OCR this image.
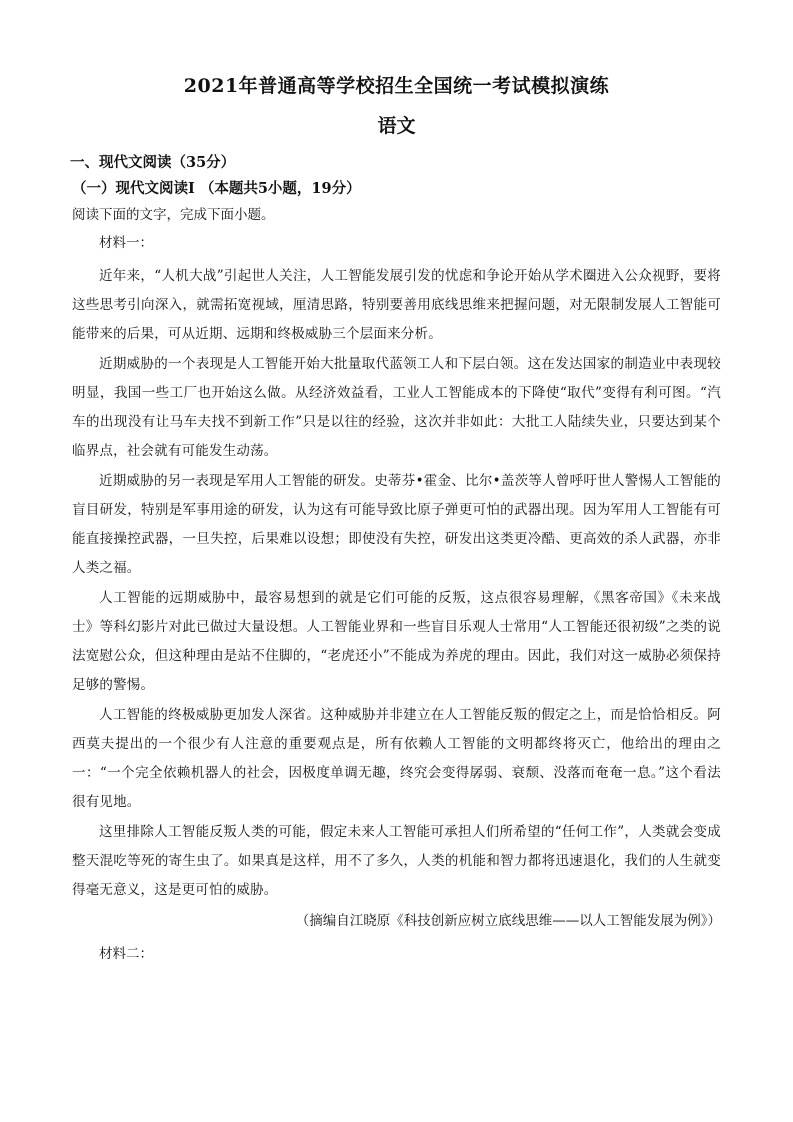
2021年普通高等学校招生全国统一考试模拟演练
语文

一、现代文阅读（35分）

（一）现代文阅读Ⅰ （本题共5小题，19分）

阅读下面的文字，完成下面小题。

材料一：

近年来，“人机大战”引起世人关注，人工智能发展引发的忧虑和争论开始从学术圈进入公众视野，要将这些思考引向深入，就需拓宽视域，厘清思路，特别要善用底线思维来把握问题，对无限制发展人工智能可能带来的后果，可从近期、远期和终极威胁三个层面来分析。

近期威胁的一个表现是人工智能开始大批量取代蓝领工人和下层白领。这在发达国家的制造业中表现较明显，我国一些工厂也开始这么做。从经济效益看，工业人工智能成本的下降使“取代”变得有利可图。“汽车的出现没有让马车夫找不到新工作”只是以往的经验，这次并非如此：大批工人陆续失业，只要达到某个临界点，社会就有可能发生动荡。

近期威胁的另一表现是军用人工智能的研发。史蒂芬•霍金、比尔•盖茨等人曾呼吁世人警惕人工智能的盲目研发，特别是军事用途的研发，认为这有可能导致比原子弹更可怕的武器出现。因为军用人工智能有可能直接操控武器，一旦失控，后果难以设想；即使没有失控，研发出这类更冷酷、更高效的杀人武器，亦非人类之福。

人工智能的远期威胁中，最容易想到的就是它们可能的反叛，这点很容易理解，《黑客帝国》《未来战士》等科幻影片对此已做过大量设想。人工智能业界和一些盲目乐观人士常用“人工智能还很初级”之类的说法宽慰公众，但这种理由是站不住脚的，“老虎还小”不能成为养虎的理由。因此，我们对这一威胁必须保持足够的警惕。

人工智能的终极威胁更加发人深省。这种威胁并非建立在人工智能反叛的假定之上，而是恰恰相反。阿西莫夫提出的一个很少有人注意的重要观点是，所有依赖人工智能的文明都终将灭亡，他给出的理由之一：“一个完全依赖机器人的社会，因极度单调无趣，终究会变得孱弱、衰颓、没落而奄奄一息。”这个看法很有见地。

这里排除人工智能反叛人类的可能，假定未来人工智能可承担人们所希望的“任何工作”，人类就会变成整天混吃等死的寄生虫了。如果真是这样，用不了多久，人类的机能和智力都将迅速退化，我们的人生就变得毫无意义，这是更可怕的威胁。

（摘编自江晓原《科技创新应树立底线思维——以人工智能发展为例》）

材料二：
